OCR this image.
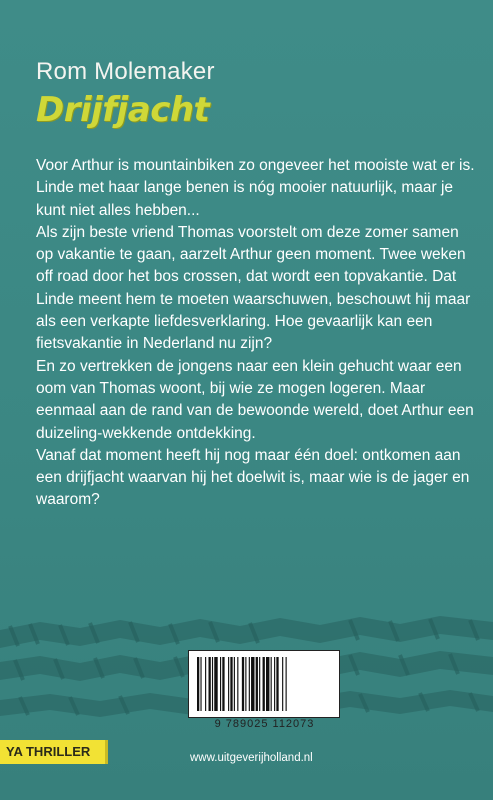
Rom Molemaker
Drijfjacht

Voor Arthur is mountainbiken zo ongeveer het mooiste wat er is. Linde met haar lange benen is nóg mooier natuurlijk, maar je kunt niet alles hebben...

Als zijn beste vriend Thomas voorstelt om deze zomer samen op vakantie te gaan, aarzelt Arthur geen moment. Twee weken off road door het bos crossen, dat wordt een topvakantie. Dat Linde meent hem te moeten waarschuwen, beschouwt hij maar als een verkapte liefdesverklaring. Hoe gevaarlijk kan een fietsvakantie in Nederland nu zijn?

En zo vertrekken de jongens naar een klein gehucht waar een oom van Thomas woont, bij wie ze mogen logeren. Maar eenmaal aan de rand van de bewoonde wereld, doet Arthur een duizeling-wekkende ontdekking.

Vanaf dat moment heeft hij nog maar één doel: ontkomen aan een drijfjacht waarvan hij het doelwit is, maar wie is de jager en waarom?

9 789025 112073
www.uitgeverijholland.nl
YA THRILLER
